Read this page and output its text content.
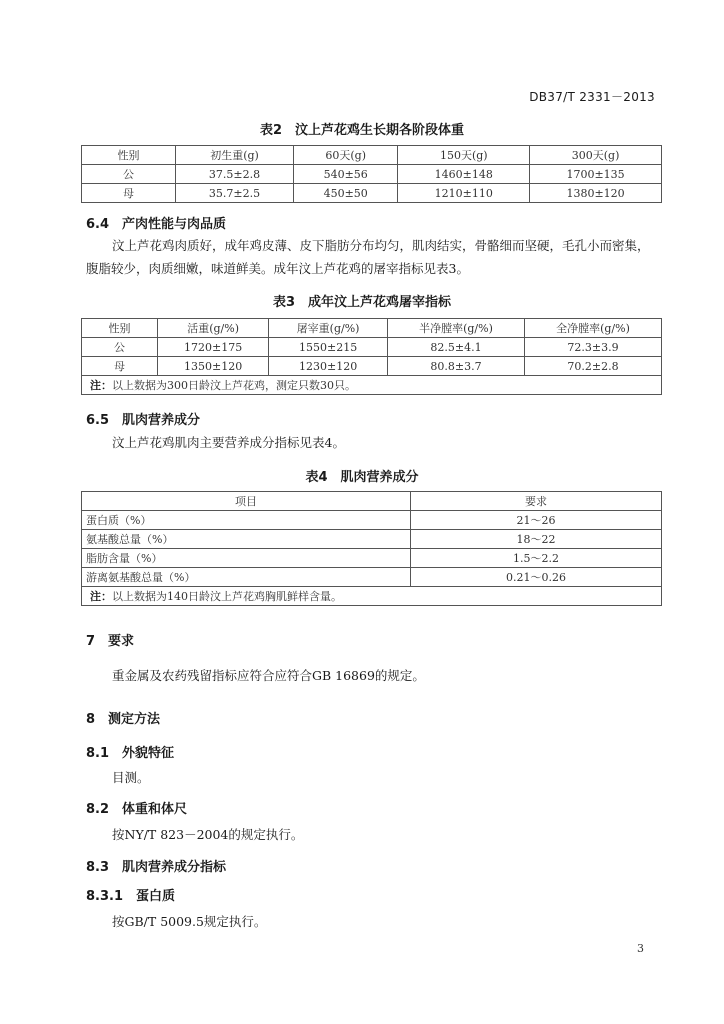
DB37/T 2331－2013
表2　汶上芦花鸡生长期各阶段体重
性别	初生重(g)	60天(g)	150天(g)	300天(g)
公	37.5±2.8	540±56	1460±148	1700±135
母	35.7±2.5	450±50	1210±110	1380±120
6.4　产肉性能与肉品质
汶上芦花鸡肉质好，成年鸡皮薄、皮下脂肪分布均匀，肌肉结实，骨骼细而坚硬，毛孔小而密集，
腹脂较少，肉质细嫩，味道鲜美。成年汶上芦花鸡的屠宰指标见表3。
表3　成年汶上芦花鸡屠宰指标
性别	活重(g/%)	屠宰重(g/%)	半净膛率(g/%)	全净膛率(g/%)
公	1720±175	1550±215	82.5±4.1	72.3±3.9
母	1350±120	1230±120	80.8±3.7	70.2±2.8
注：以上数据为300日龄汶上芦花鸡，测定只数30只。				
6.5　肌肉营养成分
汶上芦花鸡肌肉主要营养成分指标见表4。
表4　肌肉营养成分
项目	要求
蛋白质（%）	21～26
氨基酸总量（%）	18～22
脂肪含量（%）	1.5～2.2
游离氨基酸总量（%）	0.21～0.26
注：以上数据为140日龄汶上芦花鸡胸肌鲜样含量。	
7　要求
重金属及农药残留指标应符合应符合GB 16869的规定。
8　测定方法
8.1　外貌特征
目测。
8.2　体重和体尺
按NY/T 823－2004的规定执行。
8.3　肌肉营养成分指标
8.3.1　蛋白质
按GB/T 5009.5规定执行。
3
